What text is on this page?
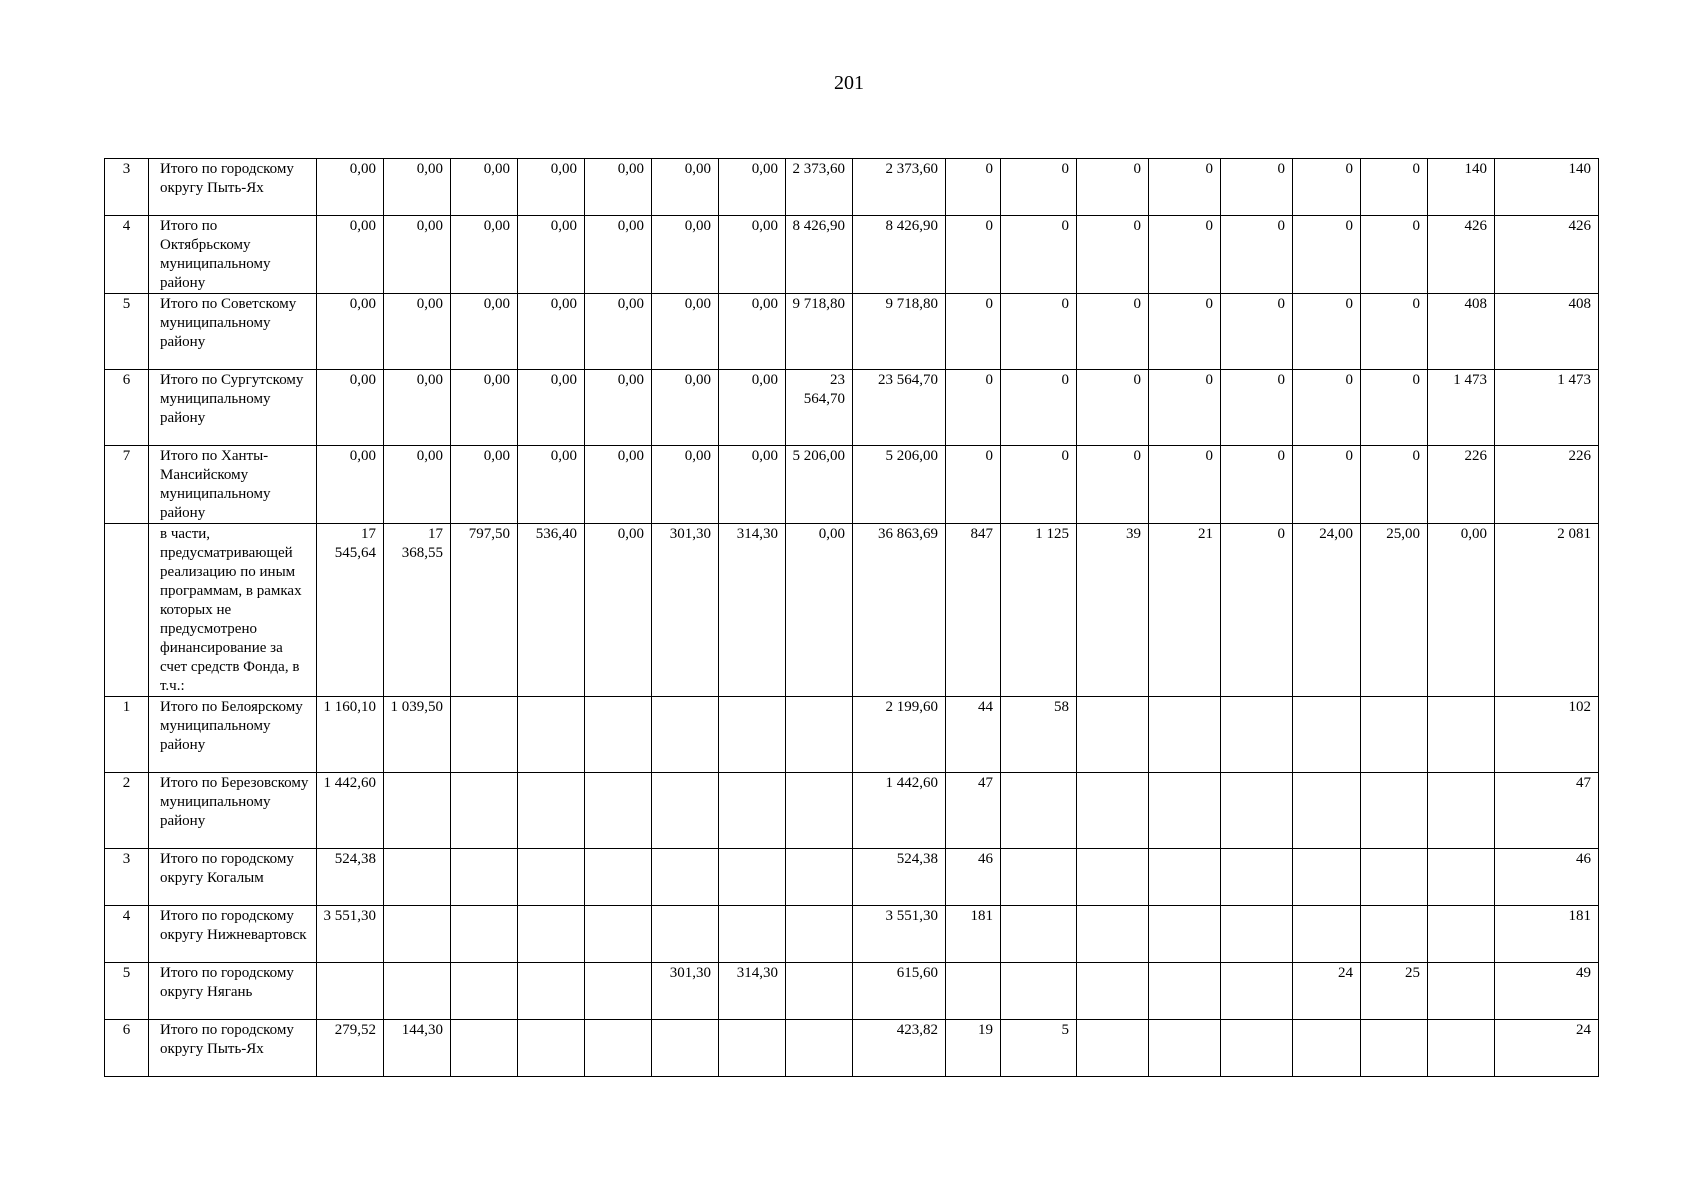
201
3	Итого по городскому округу Пыть-Ях	0,00	0,00	0,00	0,00	0,00	0,00	0,00	2 373,60	2 373,60	0	0	0	0	0	0	0	140	140
4	Итого по Октябрьскому муниципальному району	0,00	0,00	0,00	0,00	0,00	0,00	0,00	8 426,90	8 426,90	0	0	0	0	0	0	0	426	426
5	Итого по Советскому муниципальному району	0,00	0,00	0,00	0,00	0,00	0,00	0,00	9 718,80	9 718,80	0	0	0	0	0	0	0	408	408
6	Итого по Сургутскому муниципальному району	0,00	0,00	0,00	0,00	0,00	0,00	0,00	23 564,70	23 564,70	0	0	0	0	0	0	0	1 473	1 473
7	Итого по Ханты-Мансийскому муниципальному району	0,00	0,00	0,00	0,00	0,00	0,00	0,00	5 206,00	5 206,00	0	0	0	0	0	0	0	226	226
	в части, предусматривающей реализацию по иным программам, в рамках которых не предусмотрено финансирование за счет средств Фонда, в т.ч.:	17 545,64	17 368,55	797,50	536,40	0,00	301,30	314,30	0,00	36 863,69	847	1 125	39	21	0	24,00	25,00	0,00	2 081
1	Итого по Белоярскому муниципальному району	1 160,10	1 039,50							2 199,60	44	58							102
2	Итого по Березовскому муниципальному району	1 442,60								1 442,60	47								47
3	Итого по городскому округу Когалым	524,38								524,38	46								46
4	Итого по городскому округу Нижневартовск	3 551,30								3 551,30	181								181
5	Итого по городскому округу Нягань						301,30	314,30		615,60						24	25		49
6	Итого по городскому округу Пыть-Ях	279,52	144,30							423,82	19	5							24
